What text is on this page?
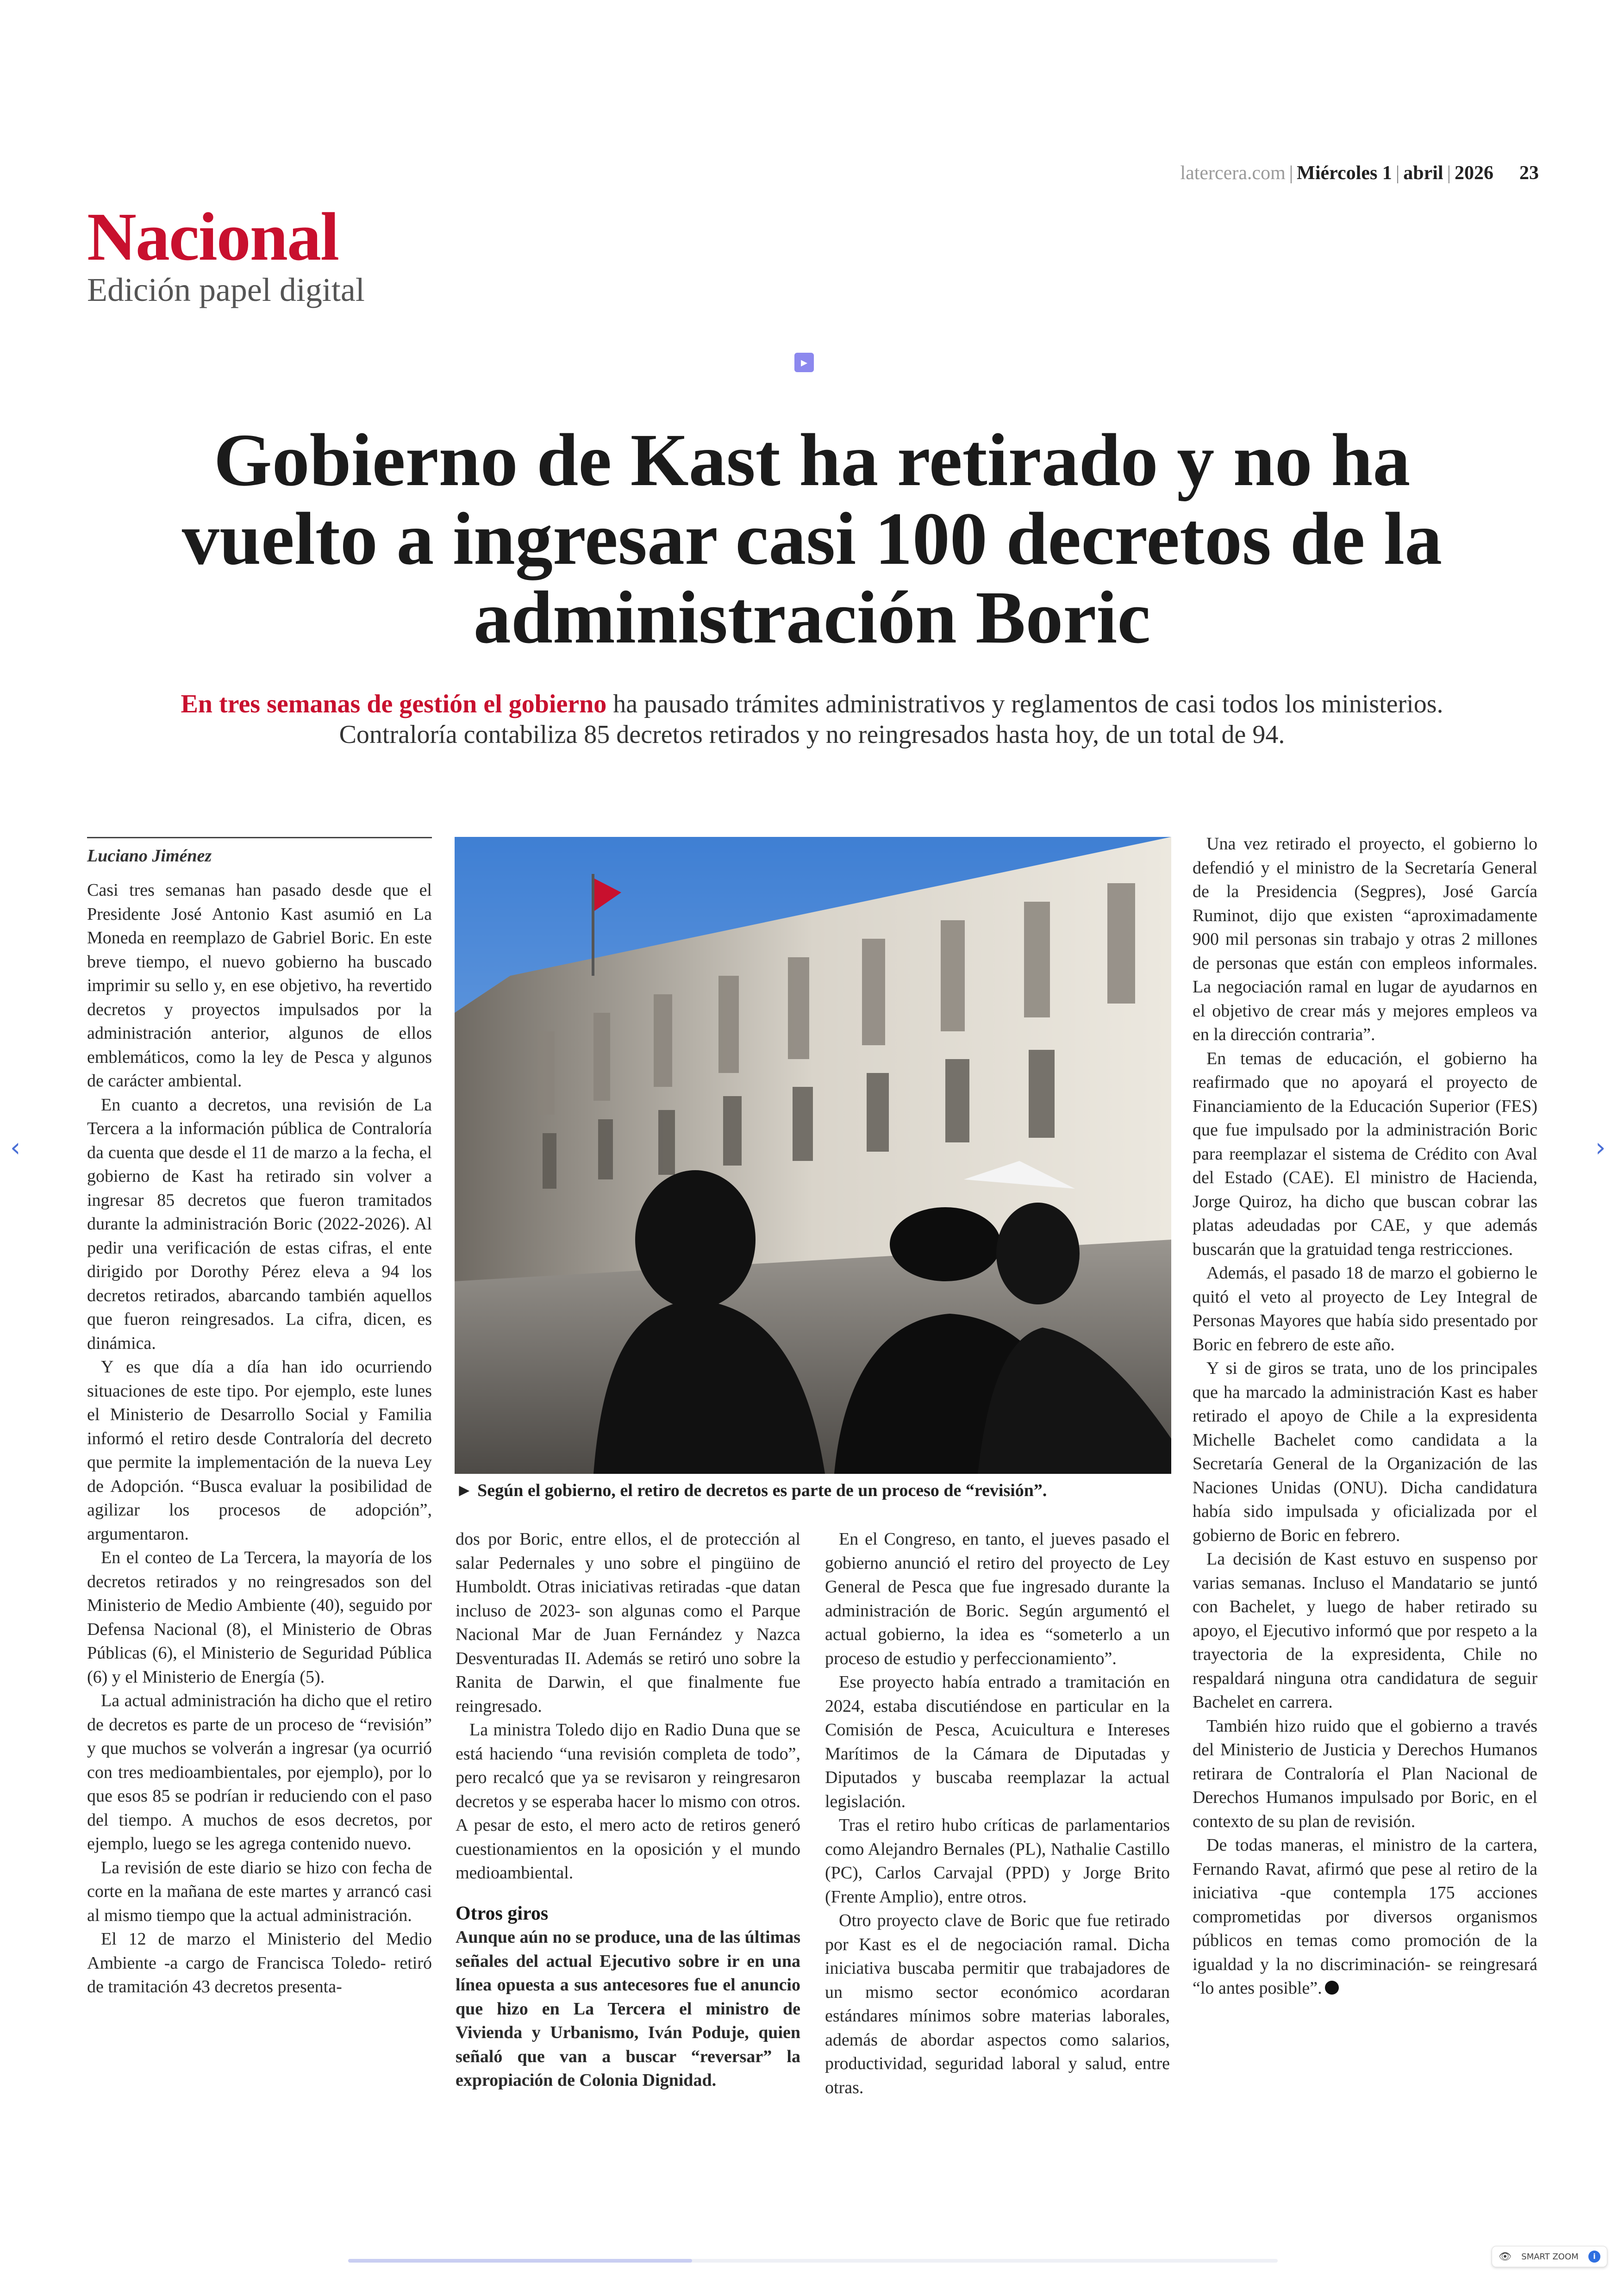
latercera.com | Miércoles 1 | abril | 2026 23
Nacional
Edición papel digital
▸
Gobierno de Kast ha retirado y no ha vuelto a ingresar casi 100 decretos de la administración Boric
En tres semanas de gestión el gobierno ha pausado trámites administrativos y reglamentos de casi todos los ministerios. Contraloría contabiliza 85 decretos retirados y no reingresados hasta hoy, de un total de 94.
Luciano Jiménez

Casi tres semanas han pasado desde que el Presidente José Antonio Kast asumió en La Moneda en reemplazo de Gabriel Boric. En este breve tiempo, el nuevo gobierno ha buscado imprimir su sello y, en ese objetivo, ha revertido decretos y proyectos impulsados por la administración anterior, algunos de ellos emblemáticos, como la ley de Pesca y algunos de carácter ambiental.

En cuanto a decretos, una revisión de La Tercera a la información pública de Contraloría da cuenta que desde el 11 de marzo a la fecha, el gobierno de Kast ha retirado sin volver a ingresar 85 decretos que fueron tramitados durante la administración Boric (2022-2026). Al pedir una verificación de estas cifras, el ente dirigido por Dorothy Pérez eleva a 94 los decretos retirados, abarcando también aquellos que fueron reingresados. La cifra, dicen, es dinámica.

Y es que día a día han ido ocurriendo situaciones de este tipo. Por ejemplo, este lunes el Ministerio de Desarrollo Social y Familia informó el retiro desde Contraloría del decreto que permite la implementación de la nueva Ley de Adopción. “Busca evaluar la posibilidad de agilizar los procesos de adopción”, argumentaron.

En el conteo de La Tercera, la mayoría de los decretos retirados y no reingresados son del Ministerio de Medio Ambiente (40), seguido por Defensa Nacional (8), el Ministerio de Obras Públicas (6), el Ministerio de Seguridad Pública (6) y el Ministerio de Energía (5).

La actual administración ha dicho que el retiro de decretos es parte de un proceso de “revisión” y que muchos se volverán a ingresar (ya ocurrió con tres medioambientales, por ejemplo), por lo que esos 85 se podrían ir reduciendo con el paso del tiempo. A muchos de esos decretos, por ejemplo, luego se les agrega contenido nuevo.

La revisión de este diario se hizo con fecha de corte en la mañana de este martes y arrancó casi al mismo tiempo que la actual administración.

El 12 de marzo el Ministerio del Medio Ambiente -a cargo de Francisca Toledo- retiró de tramitación 43 decretos presenta-

► Según el gobierno, el retiro de decretos es parte de un proceso de “revisión”.

dos por Boric, entre ellos, el de protección al salar Pedernales y uno sobre el pingüino de Humboldt. Otras iniciativas retiradas -que datan incluso de 2023- son algunas como el Parque Nacional Mar de Juan Fernández y Nazca Desventuradas II. Además se retiró uno sobre la Ranita de Darwin, el que finalmente fue reingresado.

La ministra Toledo dijo en Radio Duna que se está haciendo “una revisión completa de todo”, pero recalcó que ya se revisaron y reingresaron decretos y se esperaba hacer lo mismo con otros. A pesar de esto, el mero acto de retiros generó cuestionamientos en la oposición y el mundo medioambiental.

Otros giros

Aunque aún no se produce, una de las últimas señales del actual Ejecutivo sobre ir en una línea opuesta a sus antecesores fue el anuncio que hizo en La Tercera el ministro de Vivienda y Urbanismo, Iván Poduje, quien señaló que van a buscar “reversar” la expropiación de Colonia Dignidad.

En el Congreso, en tanto, el jueves pasado el gobierno anunció el retiro del proyecto de Ley General de Pesca que fue ingresado durante la administración de Boric. Según argumentó el actual gobierno, la idea es “someterlo a un proceso de estudio y perfeccionamiento”.

Ese proyecto había entrado a tramitación en 2024, estaba discutiéndose en particular en la Comisión de Pesca, Acuicultura e Intereses Marítimos de la Cámara de Diputadas y Diputados y buscaba reemplazar la actual legislación.

Tras el retiro hubo críticas de parlamentarios como Alejandro Bernales (PL), Nathalie Castillo (PC), Carlos Carvajal (PPD) y Jorge Brito (Frente Amplio), entre otros.

Otro proyecto clave de Boric que fue retirado por Kast es el de negociación ramal. Dicha iniciativa buscaba permitir que trabajadores de un mismo sector económico acordaran estándares mínimos sobre materias laborales, además de abordar aspectos como salarios, productividad, seguridad laboral y salud, entre otras.

Una vez retirado el proyecto, el gobierno lo defendió y el ministro de la Secretaría General de la Presidencia (Segpres), José García Ruminot, dijo que existen “aproximadamente 900 mil personas sin trabajo y otras 2 millones de personas que están con empleos informales. La negociación ramal en lugar de ayudarnos en el objetivo de crear más y mejores empleos va en la dirección contraria”.

En temas de educación, el gobierno ha reafirmado que no apoyará el proyecto de Financiamiento de la Educación Superior (FES) que fue impulsado por la administración Boric para reemplazar el sistema de Crédito con Aval del Estado (CAE). El ministro de Hacienda, Jorge Quiroz, ha dicho que buscan cobrar las platas adeudadas por CAE, y que además buscarán que la gratuidad tenga restricciones.

Además, el pasado 18 de marzo el gobierno le quitó el veto al proyecto de Ley Integral de Personas Mayores que había sido presentado por Boric en febrero de este año.

Y si de giros se trata, uno de los principales que ha marcado la administración Kast es haber retirado el apoyo de Chile a la expresidenta Michelle Bachelet como candidata a la Secretaría General de la Organización de las Naciones Unidas (ONU). Dicha candidatura había sido impulsada y oficializada por el gobierno de Boric en febrero.

La decisión de Kast estuvo en suspenso por varias semanas. Incluso el Mandatario se juntó con Bachelet, y luego de haber retirado su apoyo, el Ejecutivo informó que por respeto a la trayectoria de la expresidenta, Chile no respaldará ninguna otra candidatura de seguir Bachelet en carrera.

También hizo ruido que el gobierno a través del Ministerio de Justicia y Derechos Humanos retirara de Contraloría el Plan Nacional de Derechos Humanos impulsado por Boric, en el contexto de su plan de revisión.

De todas maneras, el ministro de la cartera, Fernando Ravat, afirmó que pese al retiro de la iniciativa -que contempla 175 acciones comprometidas por diversos organismos públicos en temas como promoción de la igualdad y la no discriminación- se reingresará “lo antes posible”.

‹	›
👁 SMART ZOOM	i
